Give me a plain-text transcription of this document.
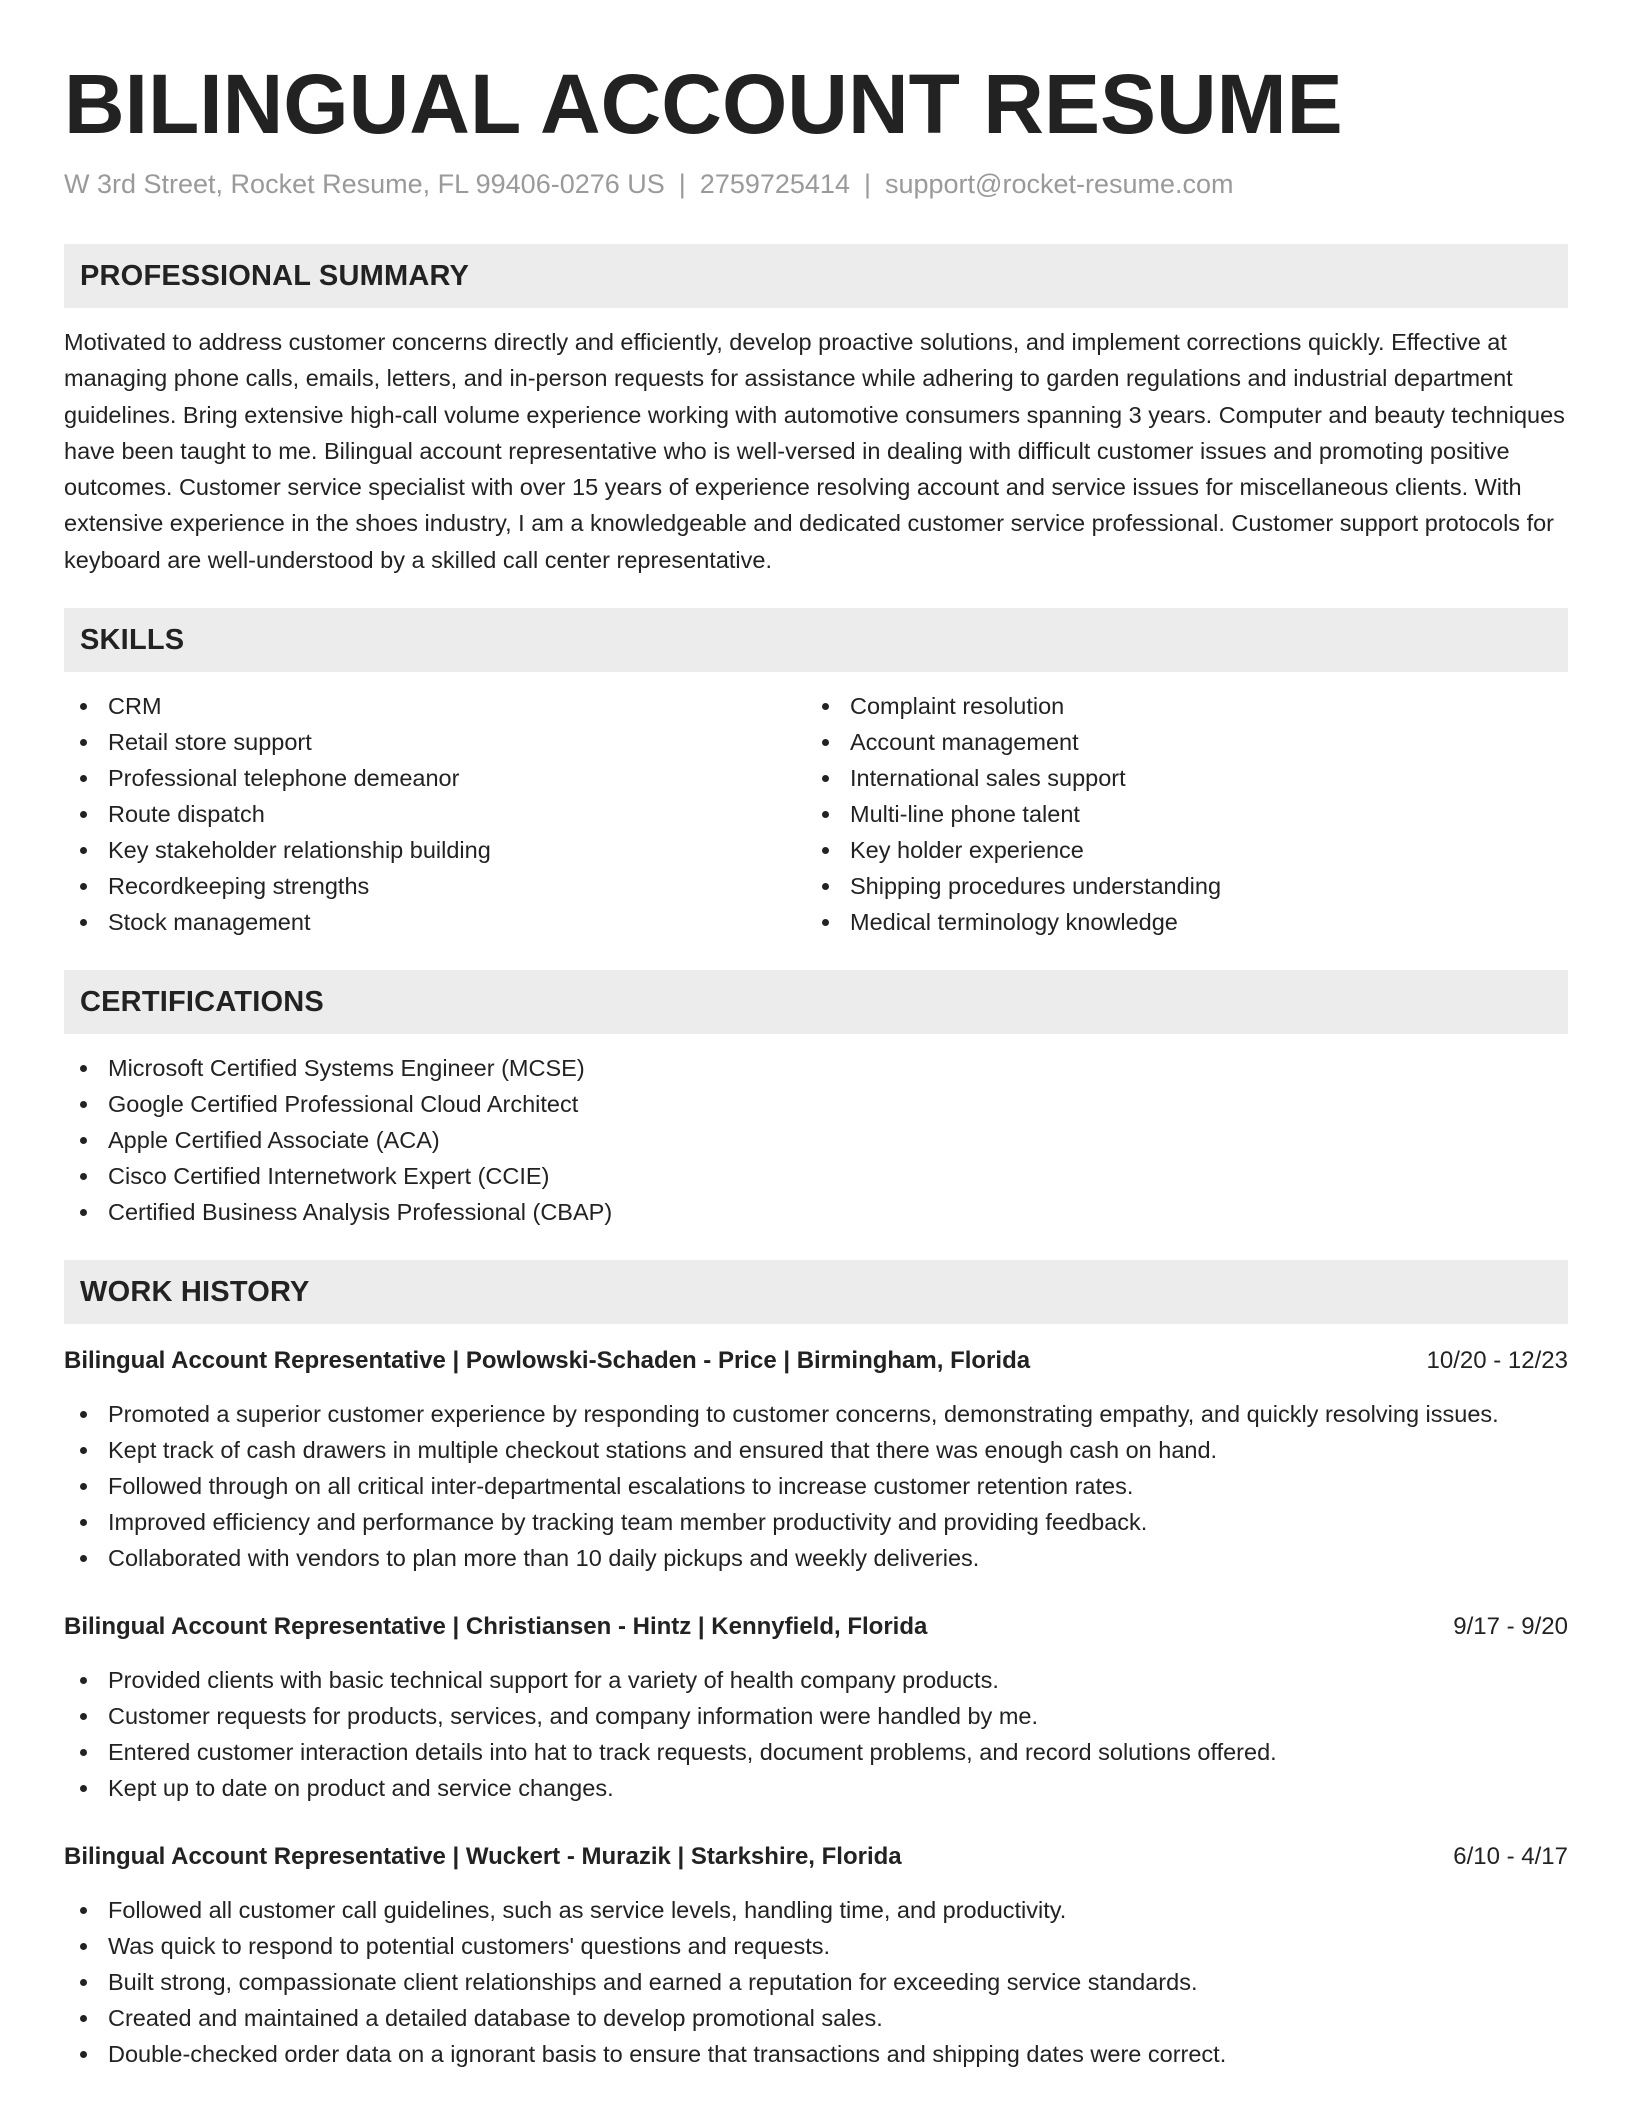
BILINGUAL ACCOUNT RESUME
W 3rd Street, Rocket Resume, FL 99406-0276 US | 2759725414 | support@rocket-resume.com
PROFESSIONAL SUMMARY

Motivated to address customer concerns directly and efficiently, develop proactive solutions, and implement corrections quickly. Effective at managing phone calls, emails, letters, and in-person requests for assistance while adhering to garden regulations and industrial department guidelines. Bring extensive high-call volume experience working with automotive consumers spanning 3 years. Computer and beauty techniques have been taught to me. Bilingual account representative who is well-versed in dealing with difficult customer issues and promoting positive outcomes. Customer service specialist with over 15 years of experience resolving account and service issues for miscellaneous clients. With extensive experience in the shoes industry, I am a knowledgeable and dedicated customer service professional. Customer support protocols for keyboard are well-understood by a skilled call center representative.

SKILLS
CRM
Retail store support
Professional telephone demeanor
Route dispatch
Key stakeholder relationship building
Recordkeeping strengths
Stock management
Complaint resolution
Account management
International sales support
Multi-line phone talent
Key holder experience
Shipping procedures understanding
Medical terminology knowledge
CERTIFICATIONS
Microsoft Certified Systems Engineer (MCSE)
Google Certified Professional Cloud Architect
Apple Certified Associate (ACA)
Cisco Certified Internetwork Expert (CCIE)
Certified Business Analysis Professional (CBAP)
WORK HISTORY
Bilingual Account Representative | Powlowski-Schaden - Price | Birmingham, Florida	10/20 - 12/23
Promoted a superior customer experience by responding to customer concerns, demonstrating empathy, and quickly resolving issues.
Kept track of cash drawers in multiple checkout stations and ensured that there was enough cash on hand.
Followed through on all critical inter-departmental escalations to increase customer retention rates.
Improved efficiency and performance by tracking team member productivity and providing feedback.
Collaborated with vendors to plan more than 10 daily pickups and weekly deliveries.
Bilingual Account Representative | Christiansen - Hintz | Kennyfield, Florida	9/17 - 9/20
Provided clients with basic technical support for a variety of health company products.
Customer requests for products, services, and company information were handled by me.
Entered customer interaction details into hat to track requests, document problems, and record solutions offered.
Kept up to date on product and service changes.
Bilingual Account Representative | Wuckert - Murazik | Starkshire, Florida	6/10 - 4/17
Followed all customer call guidelines, such as service levels, handling time, and productivity.
Was quick to respond to potential customers' questions and requests.
Built strong, compassionate client relationships and earned a reputation for exceeding service standards.
Created and maintained a detailed database to develop promotional sales.
Double-checked order data on a ignorant basis to ensure that transactions and shipping dates were correct.
